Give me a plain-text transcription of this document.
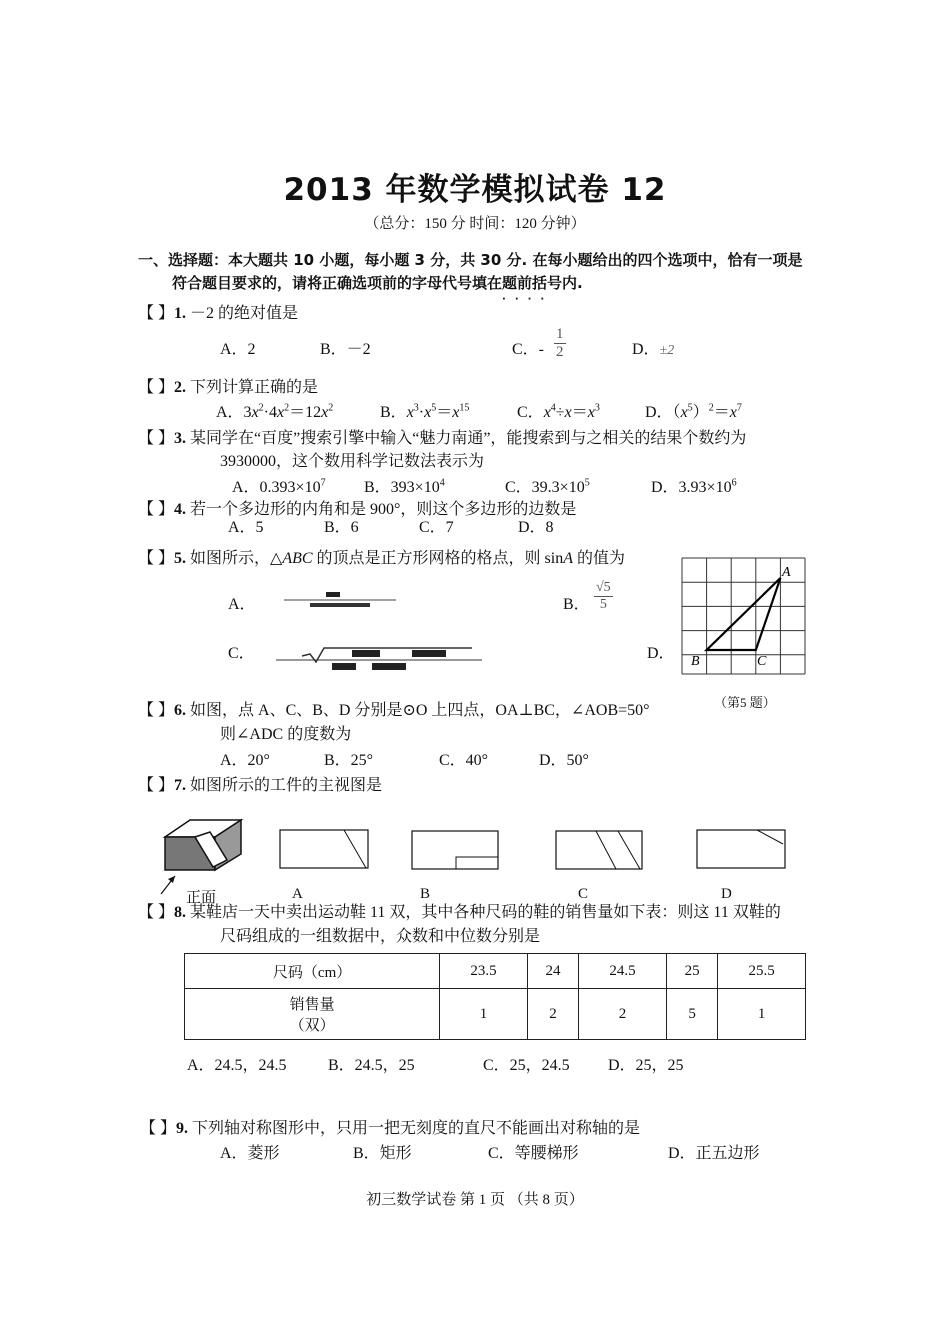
2013 年数学模拟试卷 12
（总分：150 分 时间：120 分钟）
一、选择题：本大题共 10 小题，每小题 3 分，共 30 分. 在每小题给出的四个选项中，恰有一项是
符合题目要求的，请将正确选项前的字母代号填在题前括号内
····
.
【 】1. －2 的绝对值是
A．2	B．－2	C．-
1
2	D．±2
【 】2. 下列计算正确的是
A．$3x^2\cdot 4x^2=12x^2$	B．$x^3\cdot x^5=x^{15}$	C．$x^4\div x=x^3$	D．$(x^5)^2=x^7$
【 】3. 某同学在“百度”搜索引擎中输入“魅力南通”，能搜索到与之相关的结果个数约为
3930000，这个数用科学记数法表示为
A．$0.393\times 10^7$ B．$393\times 10^4$	C．$39.3\times 10^5$	D．$3.93\times 10^6$
【 】4. 若一个多边形的内角和是 900°，则这个多边形的边数是
A．5	B．6	C．7	D．8
【 】5. 如图所示，△ABC 的顶点是正方形网格的格点，则 sinA 的值为
A．	B．
√5
5
C．	D．
A
B	C
（第5 题）
【 】6. 如图，点 A、C、B、D 分别是⊙O 上四点，OA⊥BC，∠AOB=50°
则∠ADC 的度数为
A．20°	B．25°	C．40°	D．50°
【 】7. 如图所示的工件的主视图是
正面	A	B	C	D
【 】8. 某鞋店一天中卖出运动鞋 11 双，其中各种尺码的鞋的销售量如下表：则这 11 双鞋的
尺码组成的一组数据中，众数和中位数分别是
尺码（cm）	23.5	24	24.5	25	25.5

销售量
（双）	1	2	2	5	1
A．24.5，24.5	B．24.5，25	C．25，24.5 D．25，25
【 】9. 下列轴对称图形中，只用一把无刻度的直尺不能画出对称轴的是
A．菱形	B．矩形	C．等腰梯形	D．正五边形
初三数学试卷 第 1 页 （共 8 页）
